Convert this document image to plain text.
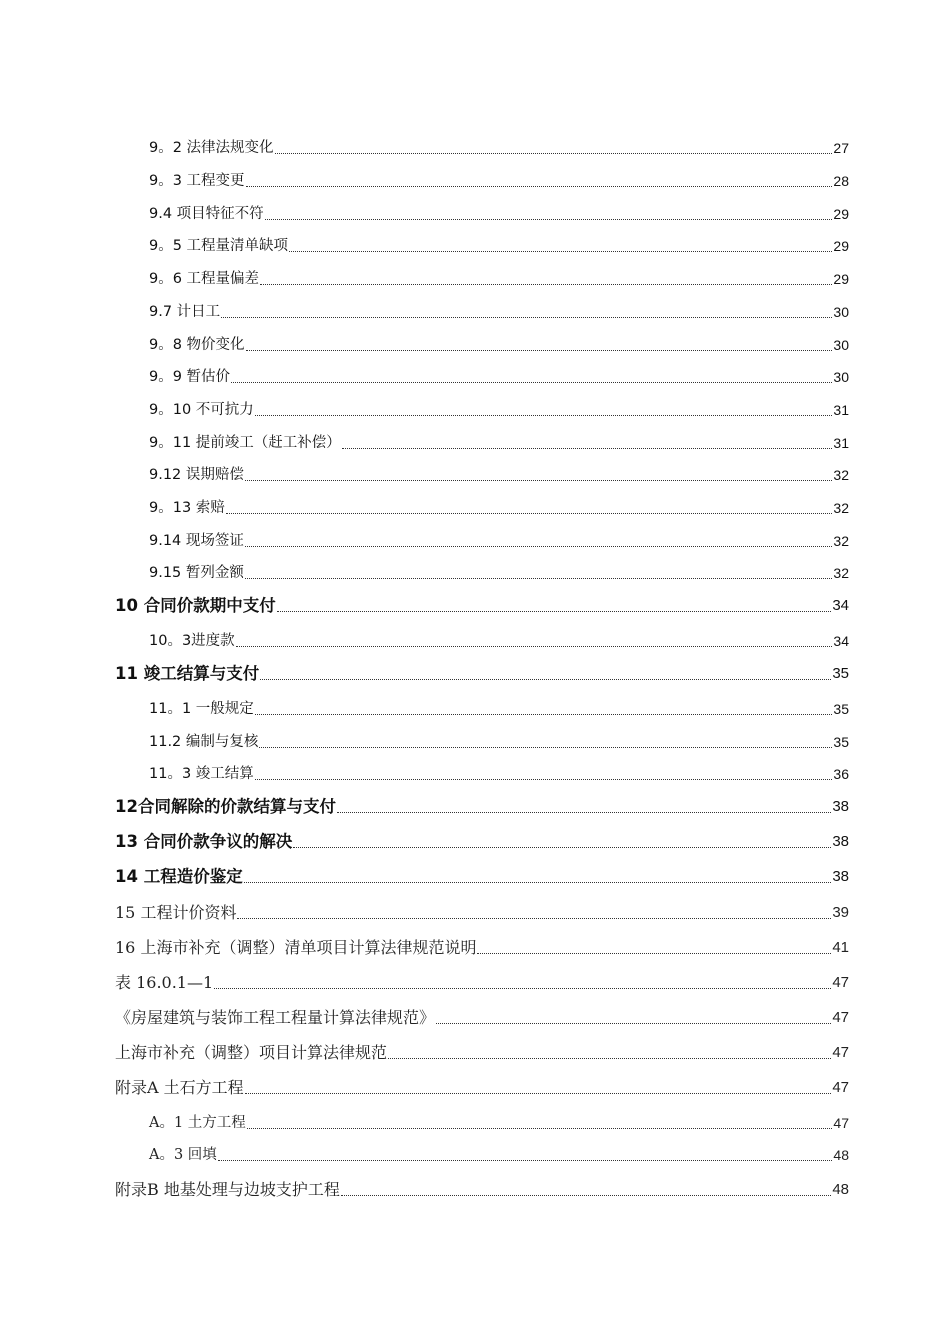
9。2 法律法规变化	27
9。3 工程变更	28
9.4 项目特征不符	29
9。5 工程量清单缺项	29
9。6 工程量偏差	29
9.7 计日工	30
9。8 物价变化	30
9。9 暂估价	30
9。10 不可抗力	31
9。11 提前竣工（赶工补偿）	31
9.12 误期赔偿	32
9。13 索赔	32
9.14 现场签证	32
9.15 暂列金额	32
10 合同价款期中支付	34
10。3进度款	34
11 竣工结算与支付	35
11。1 一般规定	35
11.2 编制与复核	35
11。3 竣工结算	36
12合同解除的价款结算与支付	38
13 合同价款争议的解决	38
14 工程造价鉴定	38
15 工程计价资料	39
16 上海市补充（调整）清单项目计算法律规范说明	41
表 16.0.1—1	47
《房屋建筑与装饰工程工程量计算法律规范》	47
上海市补充（调整）项目计算法律规范	47
附录A 土石方工程	47
A。1 土方工程	47
A。3 回填	48
附录B 地基处理与边坡支护工程	48
